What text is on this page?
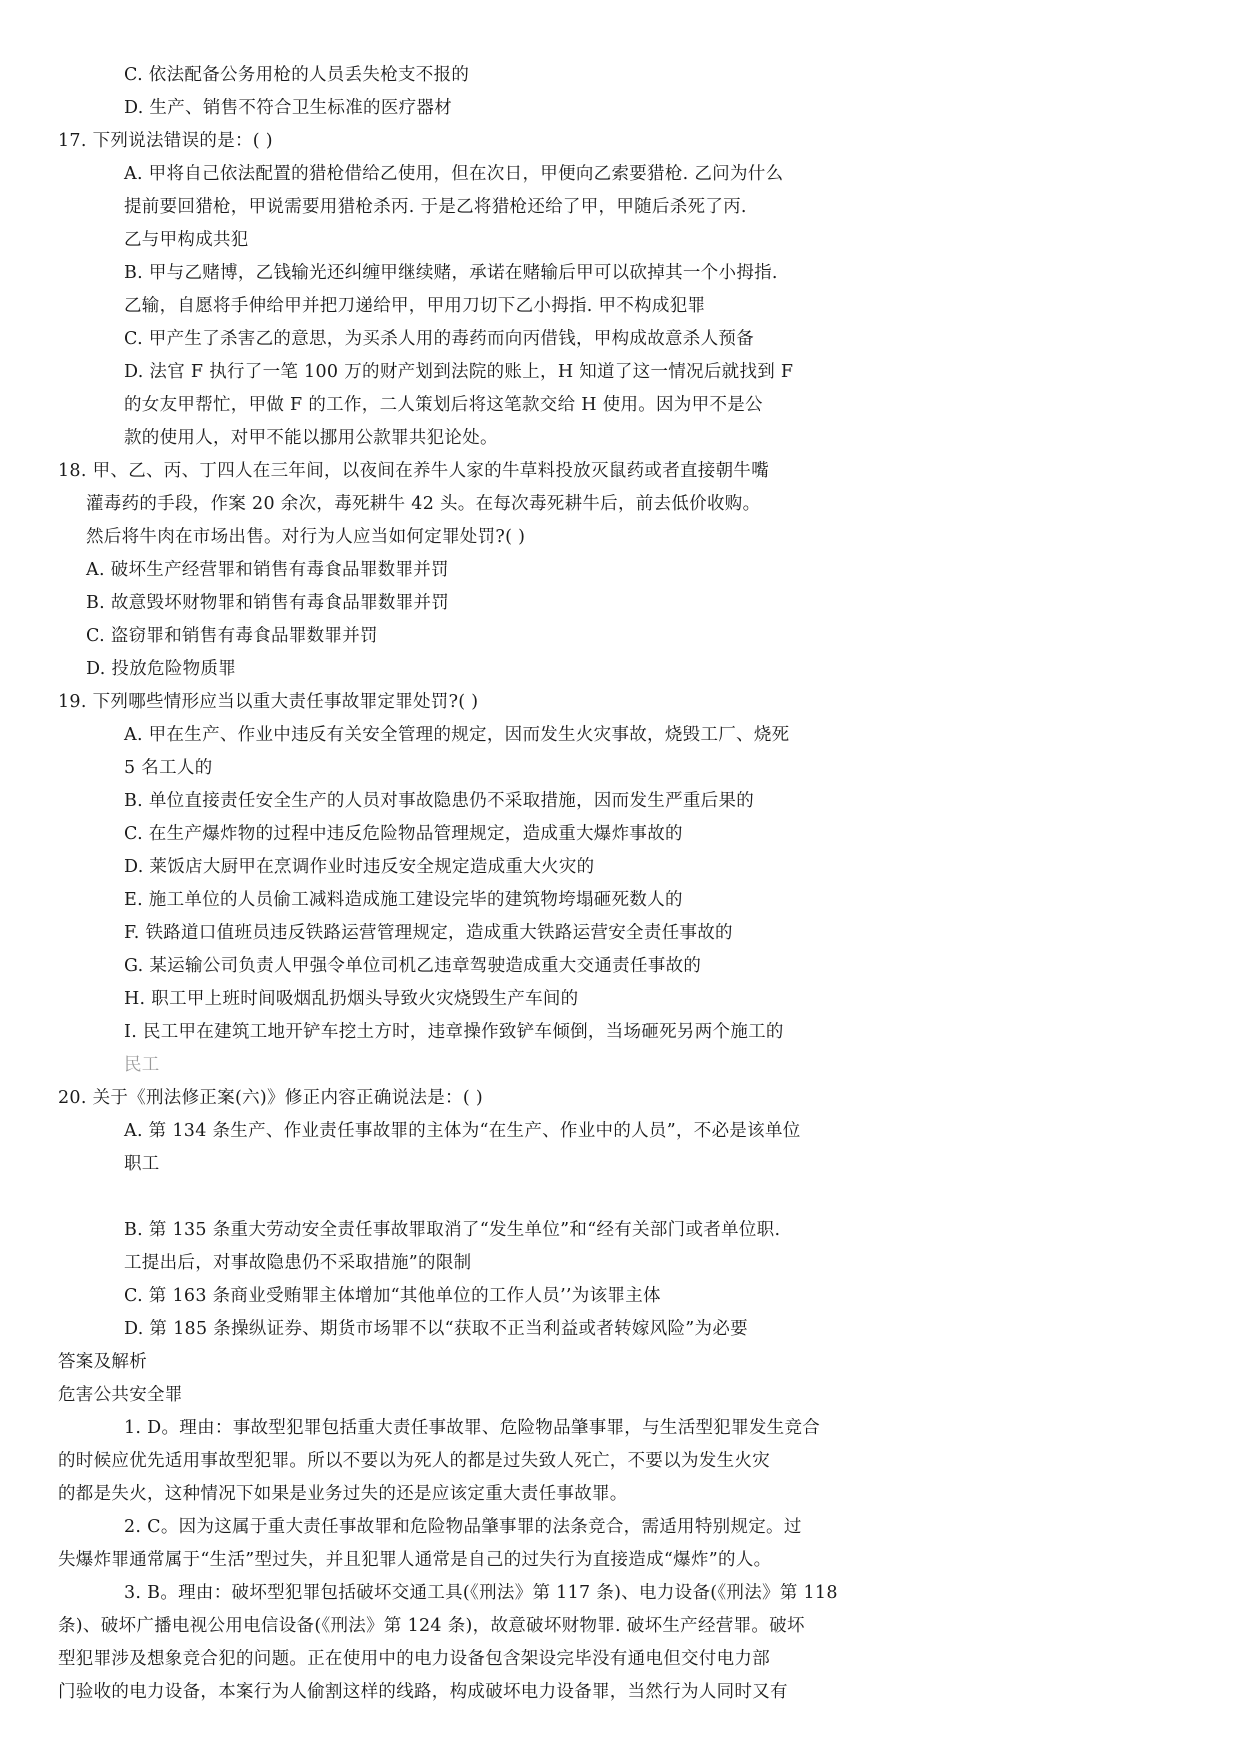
C. 依法配备公务用枪的人员丢失枪支不报的
D. 生产、销售不符合卫生标准的医疗器材
17. 下列说法错误的是：( )
A. 甲将自己依法配置的猎枪借给乙使用，但在次日，甲便向乙索要猎枪. 乙问为什么
提前要回猎枪，甲说需要用猎枪杀丙. 于是乙将猎枪还给了甲，甲随后杀死了丙.
乙与甲构成共犯
B. 甲与乙赌博，乙钱输光还纠缠甲继续赌，承诺在赌输后甲可以砍掉其一个小拇指.
乙输，自愿将手伸给甲并把刀递给甲，甲用刀切下乙小拇指. 甲不构成犯罪
C. 甲产生了杀害乙的意思，为买杀人用的毒药而向丙借钱，甲构成故意杀人预备
D. 法官 F 执行了一笔 100 万的财产划到法院的账上，H 知道了这一情况后就找到 F
的女友甲帮忙，甲做 F 的工作，二人策划后将这笔款交给 H 使用。因为甲不是公
款的使用人，对甲不能以挪用公款罪共犯论处。
18. 甲、乙、丙、丁四人在三年间，以夜间在养牛人家的牛草料投放灭鼠药或者直接朝牛嘴
灌毒药的手段，作案 20 余次，毒死耕牛 42 头。在每次毒死耕牛后，前去低价收购。
然后将牛肉在市场出售。对行为人应当如何定罪处罚?( )
A. 破坏生产经营罪和销售有毒食品罪数罪并罚
B. 故意毁坏财物罪和销售有毒食品罪数罪并罚
C. 盗窃罪和销售有毒食品罪数罪并罚
D. 投放危险物质罪
19. 下列哪些情形应当以重大责任事故罪定罪处罚?( )
A. 甲在生产、作业中违反有关安全管理的规定，因而发生火灾事故，烧毁工厂、烧死
5 名工人的
B. 单位直接责任安全生产的人员对事故隐患仍不采取措施，因而发生严重后果的
C. 在生产爆炸物的过程中违反危险物品管理规定，造成重大爆炸事故的
D. 莱饭店大厨甲在烹调作业时违反安全规定造成重大火灾的
E. 施工单位的人员偷工减料造成施工建设完毕的建筑物垮塌砸死数人的
F. 铁路道口值班员违反铁路运营管理规定，造成重大铁路运营安全责任事故的
G. 某运输公司负责人甲强令单位司机乙违章驾驶造成重大交通责任事故的
H. 职工甲上班时间吸烟乱扔烟头导致火灾烧毁生产车间的
I. 民工甲在建筑工地开铲车挖土方时，违章操作致铲车倾倒，当场砸死另两个施工的
民工
20. 关于《刑法修正案(六)》修正内容正确说法是：( )
A. 第 134 条生产、作业责任事故罪的主体为“在生产、作业中的人员”，不必是该单位
职工
B. 第 135 条重大劳动安全责任事故罪取消了“发生单位”和“经有关部门或者单位职.
工提出后，对事故隐患仍不采取措施”的限制
C. 第 163 条商业受贿罪主体增加“其他单位的工作人员’’为该罪主体
D. 第 185 条操纵证券、期货市场罪不以“获取不正当利益或者转嫁风险”为必要
答案及解析
危害公共安全罪
1. D。理由：事故型犯罪包括重大责任事故罪、危险物品肇事罪，与生活型犯罪发生竞合
的时候应优先适用事故型犯罪。所以不要以为死人的都是过失致人死亡，不要以为发生火灾
的都是失火，这种情况下如果是业务过失的还是应该定重大责任事故罪。
2. C。因为这属于重大责任事故罪和危险物品肇事罪的法条竞合，需适用特别规定。过
失爆炸罪通常属于“生活”型过失，并且犯罪人通常是自己的过失行为直接造成“爆炸”的人。
3. B。理由：破坏型犯罪包括破坏交通工具(《刑法》第 117 条)、电力设备(《刑法》第 118
条)、破坏广播电视公用电信设备(《刑法》第 124 条)，故意破坏财物罪. 破坏生产经营罪。破坏
型犯罪涉及想象竞合犯的问题。正在使用中的电力设备包含架设完毕没有通电但交付电力部
门验收的电力设备，本案行为人偷割这样的线路，构成破坏电力设备罪，当然行为人同时又有
